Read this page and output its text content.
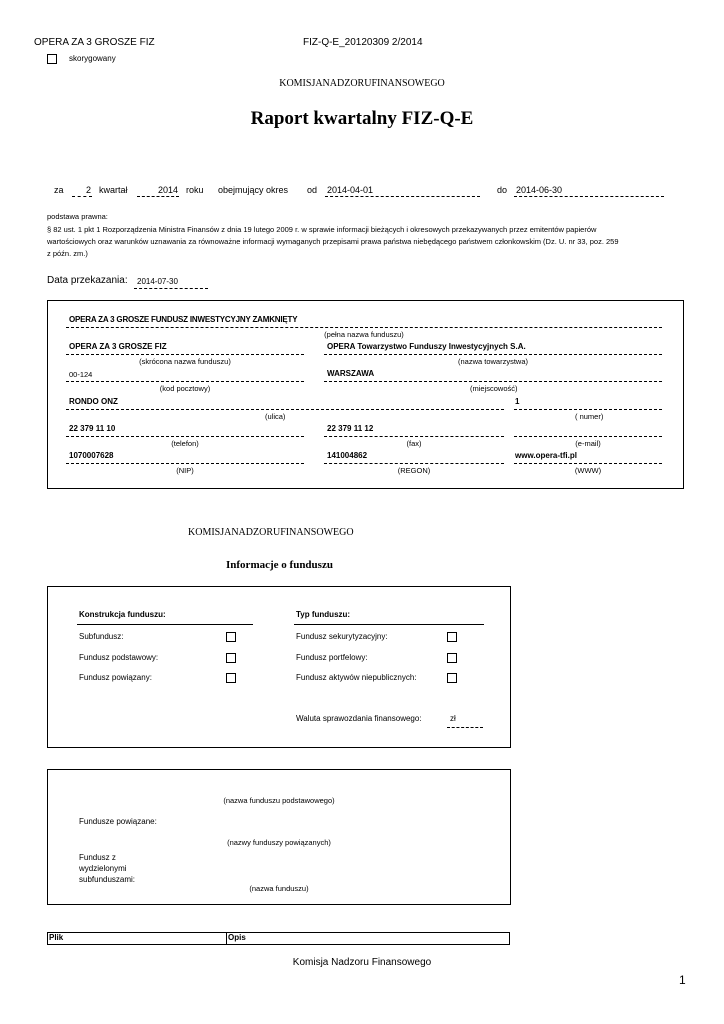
OPERA ZA 3 GROSZE FIZ	FIZ-Q-E_20120309 2/2014
skorygowany
KOMISJANADZORUFINANSOWEGO
Raport kwartalny FIZ-Q-E
za 2 kwartał	2014 roku obejmujący okres od 2014-04-01	do 2014-06-30
podstawa prawna:
§ 82 ust. 1 pkt 1 Rozporządzenia Ministra Finansów z dnia 19 lutego 2009 r. w sprawie informacji bieżących i okresowych przekazywanych przez emitentów papierów
wartościowych oraz warunków uznawania za równoważne informacji wymaganych przepisami prawa państwa niebędącego państwem członkowskim (Dz. U. nr 33, poz. 259
z późn. zm.)
Data przekazania: 2014-07-30
OPERA ZA 3 GROSZE FUNDUSZ INWESTYCYJNY ZAMKNIĘTY
(pełna nazwa funduszu)
OPERA ZA 3 GROSZE FIZ	OPERA Towarzystwo Funduszy Inwestycyjnych S.A.
(skrócona nazwa funduszu)	(nazwa towarzystwa)
00-124	WARSZAWA
(kod pocztowy)	(miejscowość)
RONDO ONZ	1
(ulica)	( numer)
22 379 11 10	22 379 11 12
(telefon)	(fax)	(e-mail)
1070007628	141004862	www.opera-tfi.pl
(NIP)	(REGON)	(WWW)
KOMISJANADZORUFINANSOWEGO
Informacje o funduszu
Konstrukcja funduszu:
Subfundusz:
Fundusz podstawowy:
Fundusz powiązany:
Typ funduszu:
Fundusz sekurytyzacyjny:
Fundusz portfelowy:
Fundusz aktywów niepublicznych:
Waluta sprawozdania finansowego:	zł
(nazwa funduszu podstawowego)
Fundusze powiązane:
(nazwy funduszy powiązanych)
Fundusz z
wydzielonymi
subfunduszami:
(nazwa funduszu)
Plik	Opis
Komisja Nadzoru Finansowego
1
